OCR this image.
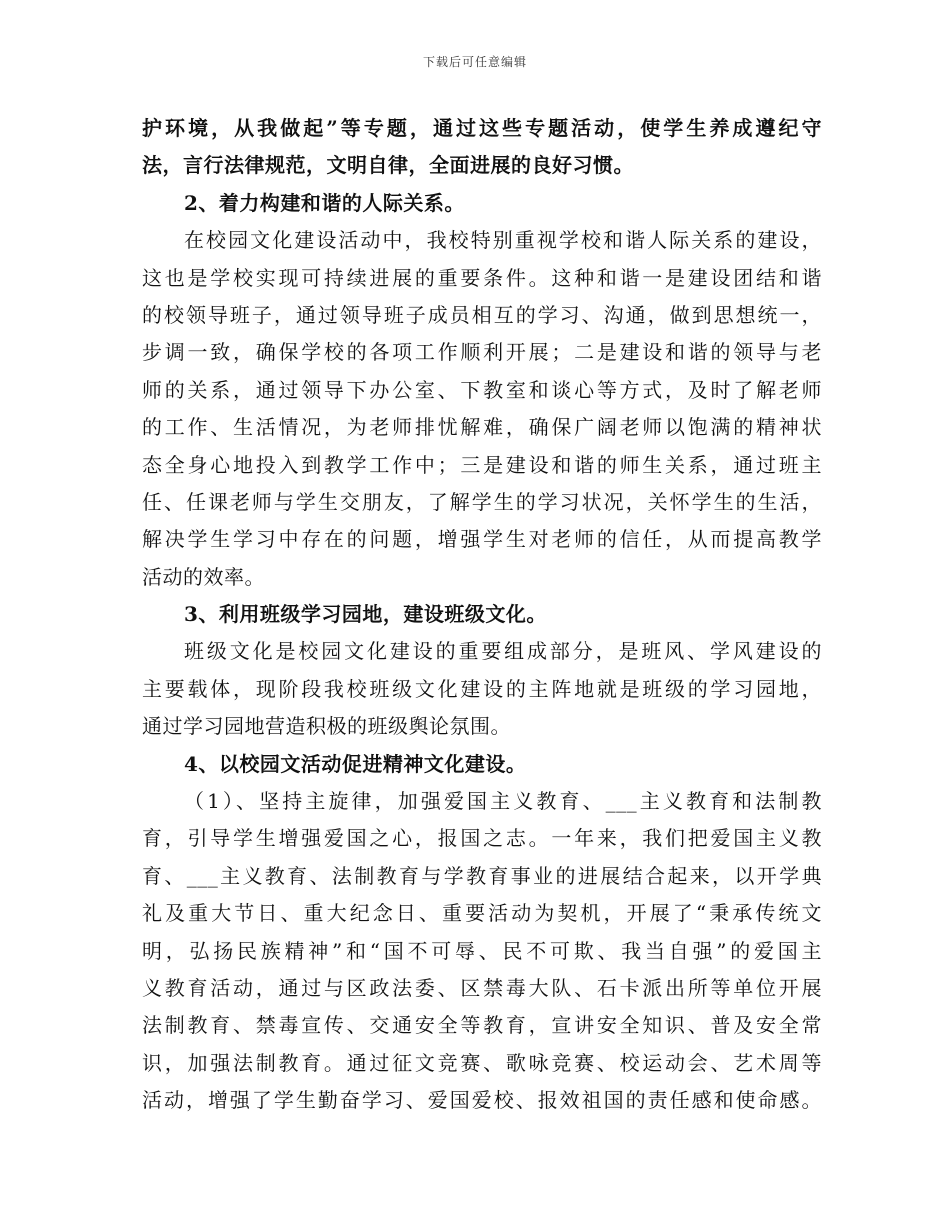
下载后可任意编辑
护环境，从我做起”等专题，通过这些专题活动，使学生养成遵纪守
法，言行法律规范，文明自律，全面进展的良好习惯。
2、着力构建和谐的人际关系。
在校园文化建设活动中，我校特别重视学校和谐人际关系的建设，
这也是学校实现可持续进展的重要条件。这种和谐一是建设团结和谐
的校领导班子，通过领导班子成员相互的学习、沟通，做到思想统一，
步调一致，确保学校的各项工作顺利开展；二是建设和谐的领导与老
师的关系，通过领导下办公室、下教室和谈心等方式，及时了解老师
的工作、生活情况，为老师排忧解难，确保广阔老师以饱满的精神状
态全身心地投入到教学工作中；三是建设和谐的师生关系，通过班主
任、任课老师与学生交朋友，了解学生的学习状况，关怀学生的生活，
解决学生学习中存在的问题，增强学生对老师的信任，从而提高教学
活动的效率。
3、利用班级学习园地，建设班级文化。
班级文化是校园文化建设的重要组成部分，是班风、学风建设的
主要载体，现阶段我校班级文化建设的主阵地就是班级的学习园地，
通过学习园地营造积极的班级舆论氛围。
4、以校园文活动促进精神文化建设。
（1）、坚持主旋律，加强爱国主义教育、___主义教育和法制教
育，引导学生增强爱国之心，报国之志。一年来，我们把爱国主义教
育、___主义教育、法制教育与学教育事业的进展结合起来，以开学典
礼及重大节日、重大纪念日、重要活动为契机，开展了“秉承传统文
明，弘扬民族精神”和“国不可辱、民不可欺、我当自强”的爱国主
义教育活动，通过与区政法委、区禁毒大队、石卡派出所等单位开展
法制教育、禁毒宣传、交通安全等教育，宣讲安全知识、普及安全常
识，加强法制教育。通过征文竞赛、歌咏竞赛、校运动会、艺术周等
活动，增强了学生勤奋学习、爱国爱校、报效祖国的责任感和使命感。
